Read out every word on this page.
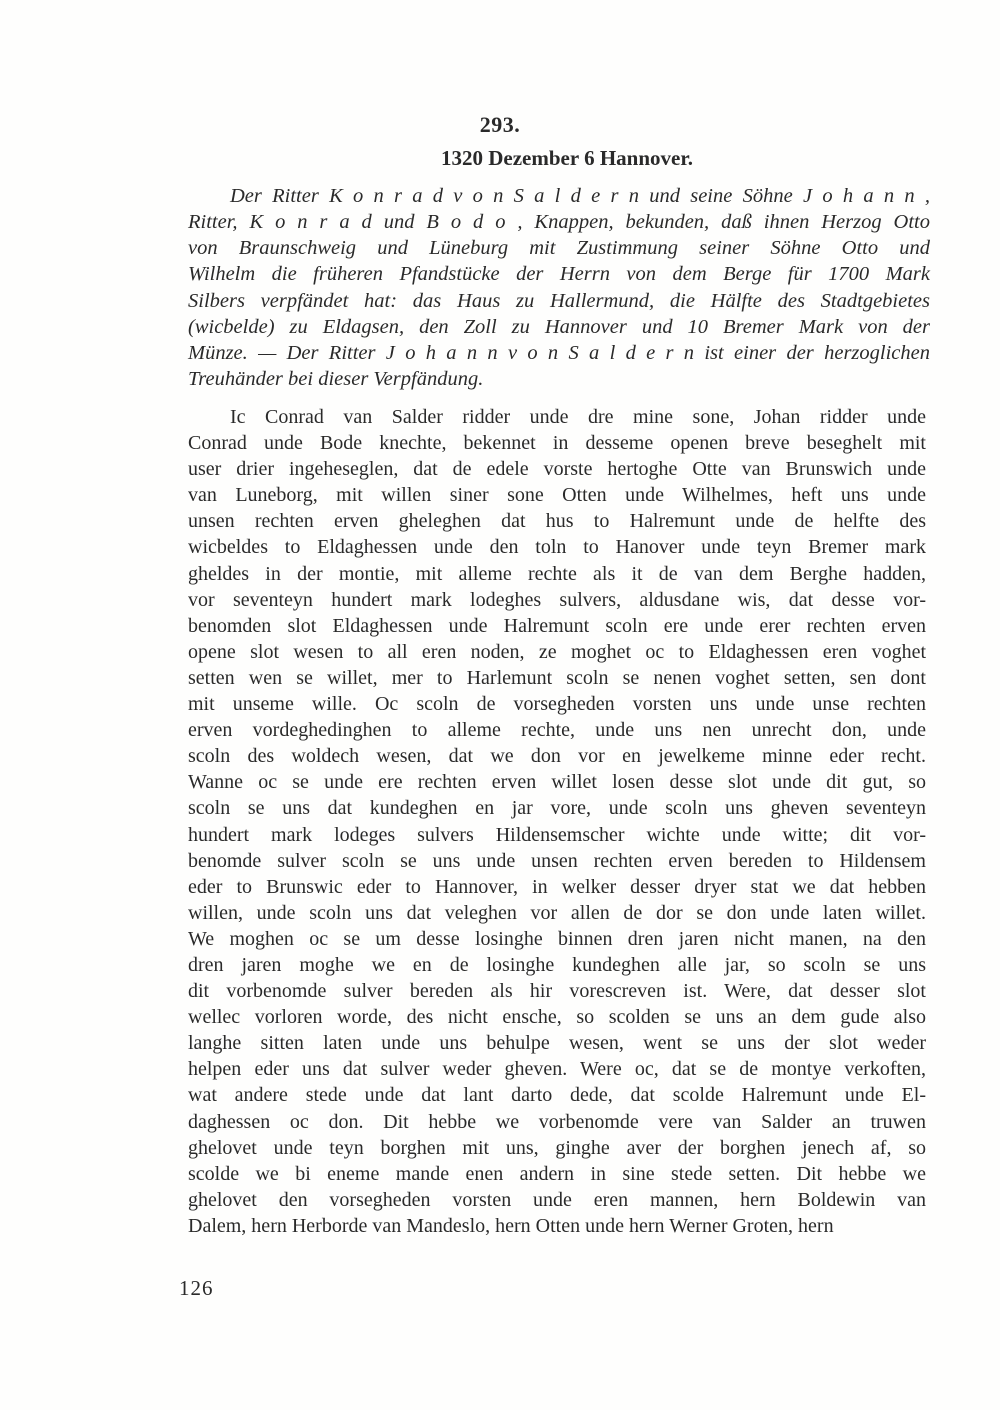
293.
1320 Dezember 6 Hannover.
Der Ritter K o n r a d v o n S a l d e r n und seine Söhne J o h a n n ,
Ritter, K o n r a d und B o d o , Knappen, bekunden, daß ihnen Herzog Otto
von Braunschweig und Lüneburg mit Zustimmung seiner Söhne Otto und
Wilhelm die früheren Pfandstücke der Herrn von dem Berge für 1700 Mark
Silbers verpfändet hat: das Haus zu Hallermund, die Hälfte des Stadtgebietes
(wicbelde) zu Eldagsen, den Zoll zu Hannover und 10 Bremer Mark von der
Münze. — Der Ritter J o h a n n v o n S a l d e r n ist einer der herzoglichen
Treuhänder bei dieser Verpfändung.
Ic Conrad van Salder ridder unde dre mine sone, Johan ridder unde
Conrad unde Bode knechte, bekennet in desseme openen breve beseghelt mit
user drier ingeheseglen, dat de edele vorste hertoghe Otte van Brunswich unde
van Luneborg, mit willen siner sone Otten unde Wilhelmes, heft uns unde
unsen rechten erven gheleghen dat hus to Halremunt unde de helfte des
wicbeldes to Eldaghessen unde den toln to Hanover unde teyn Bremer mark
gheldes in der montie, mit alleme rechte als it de van dem Berghe hadden,
vor seventeyn hundert mark lodeghes sulvers, aldusdane wis, dat desse vor-
benomden slot Eldaghessen unde Halremunt scoln ere unde erer rechten erven
opene slot wesen to all eren noden, ze moghet oc to Eldaghessen eren voghet
setten wen se willet, mer to Harlemunt scoln se nenen voghet setten, sen dont
mit unseme wille. Oc scoln de vorsegheden vorsten uns unde unse rechten
erven vordeghedinghen to alleme rechte, unde uns nen unrecht don, unde
scoln des woldech wesen, dat we don vor en jewelkeme minne eder recht.
Wanne oc se unde ere rechten erven willet losen desse slot unde dit gut, so
scoln se uns dat kundeghen en jar vore, unde scoln uns gheven seventeyn
hundert mark lodeges sulvers Hildensemscher wichte unde witte; dit vor-
benomde sulver scoln se uns unde unsen rechten erven bereden to Hildensem
eder to Brunswic eder to Hannover, in welker desser dryer stat we dat hebben
willen, unde scoln uns dat veleghen vor allen de dor se don unde laten willet.
We moghen oc se um desse losinghe binnen dren jaren nicht manen, na den
dren jaren moghe we en de losinghe kundeghen alle jar, so scoln se uns
dit vorbenomde sulver bereden als hir vorescreven ist. Were, dat desser slot
wellec vorloren worde, des nicht ensche, so scolden se uns an dem gude also
langhe sitten laten unde uns behulpe wesen, went se uns der slot weder
helpen eder uns dat sulver weder gheven. Were oc, dat se de montye verkoften,
wat andere stede unde dat lant darto dede, dat scolde Halremunt unde El-
daghessen oc don. Dit hebbe we vorbenomde vere van Salder an truwen
ghelovet unde teyn borghen mit uns, ginghe aver der borghen jenech af, so
scolde we bi eneme mande enen andern in sine stede setten. Dit hebbe we
ghelovet den vorsegheden vorsten unde eren mannen, hern Boldewin van
Dalem, hern Herborde van Mandeslo, hern Otten unde hern Werner Groten, hern
126
